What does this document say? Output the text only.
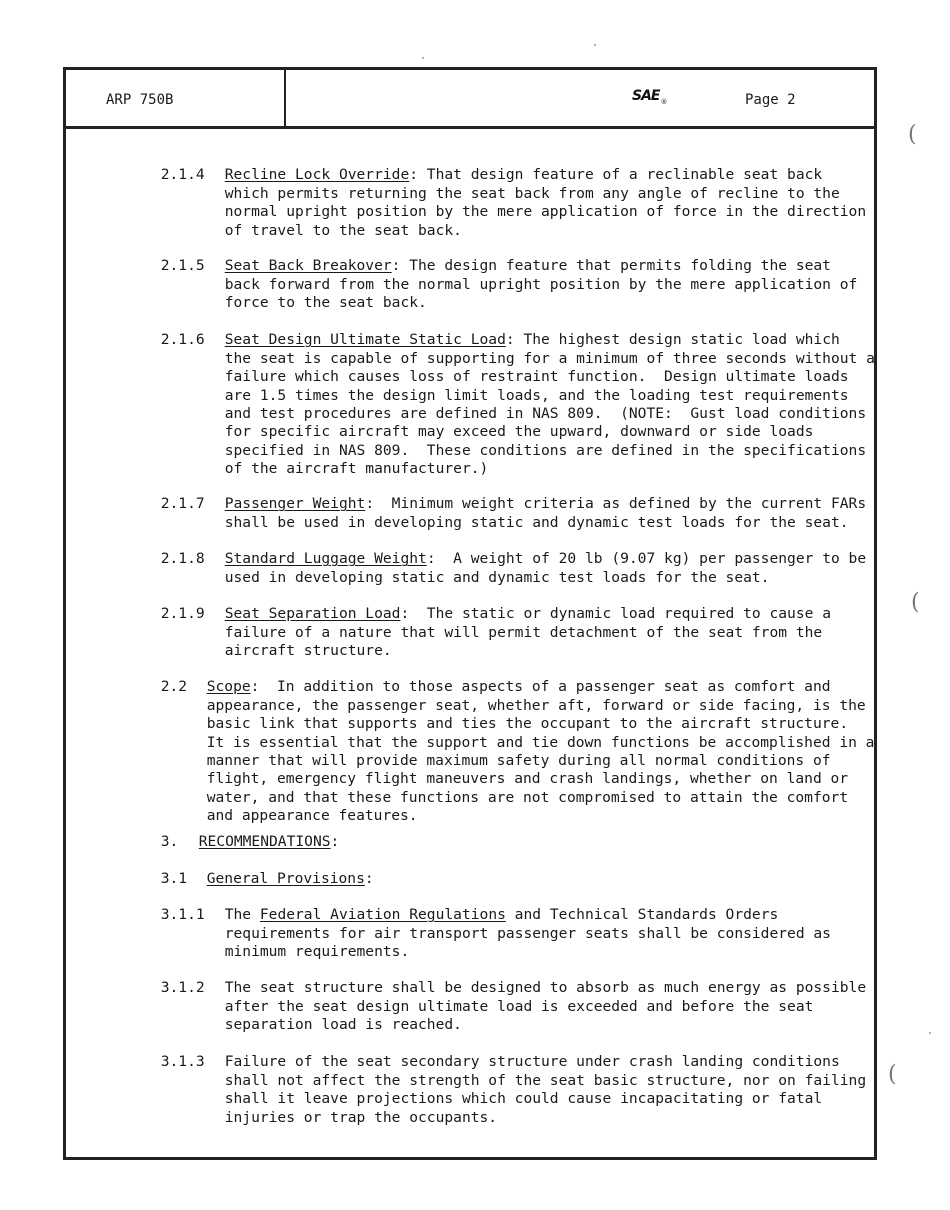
(
(
(
ARP 750B	SAE®	Page 2

2.1.4 Recline Lock Override: That design feature of a reclinable seat back
which permits returning the seat back from any angle of recline to the
normal upright position by the mere application of force in the direction
of travel to the seat back.

2.1.5 Seat Back Breakover: The design feature that permits folding the seat
back forward from the normal upright position by the mere application of
force to the seat back.

2.1.6 Seat Design Ultimate Static Load: The highest design static load which
the seat is capable of supporting for a minimum of three seconds without a
failure which causes loss of restraint function.  Design ultimate loads
are 1.5 times the design limit loads, and the loading test requirements
and test procedures are defined in NAS 809.  (NOTE:  Gust load conditions
for specific aircraft may exceed the upward, downward or side loads
specified in NAS 809.  These conditions are defined in the specifications
of the aircraft manufacturer.)

2.1.7 Passenger Weight:  Minimum weight criteria as defined by the current FARs
shall be used in developing static and dynamic test loads for the seat.

2.1.8 Standard Luggage Weight:  A weight of 20 lb (9.07 kg) per passenger to be
used in developing static and dynamic test loads for the seat.

2.1.9 Seat Separation Load:  The static or dynamic load required to cause a
failure of a nature that will permit detachment of the seat from the
aircraft structure.

2.2 Scope:  In addition to those aspects of a passenger seat as comfort and
appearance, the passenger seat, whether aft, forward or side facing, is the
basic link that supports and ties the occupant to the aircraft structure.
It is essential that the support and tie down functions be accomplished in a
manner that will provide maximum safety during all normal conditions of
flight, emergency flight maneuvers and crash landings, whether on land or
water, and that these functions are not compromised to attain the comfort
and appearance features.

3. RECOMMENDATIONS:

3.1 General Provisions:

3.1.1 The Federal Aviation Regulations and Technical Standards Orders
requirements for air transport passenger seats shall be considered as
minimum requirements.

3.1.2 The seat structure shall be designed to absorb as much energy as possible
after the seat design ultimate load is exceeded and before the seat
separation load is reached.

3.1.3 Failure of the seat secondary structure under crash landing conditions
shall not affect the strength of the seat basic structure, nor on failing
shall it leave projections which could cause incapacitating or fatal
injuries or trap the occupants.
